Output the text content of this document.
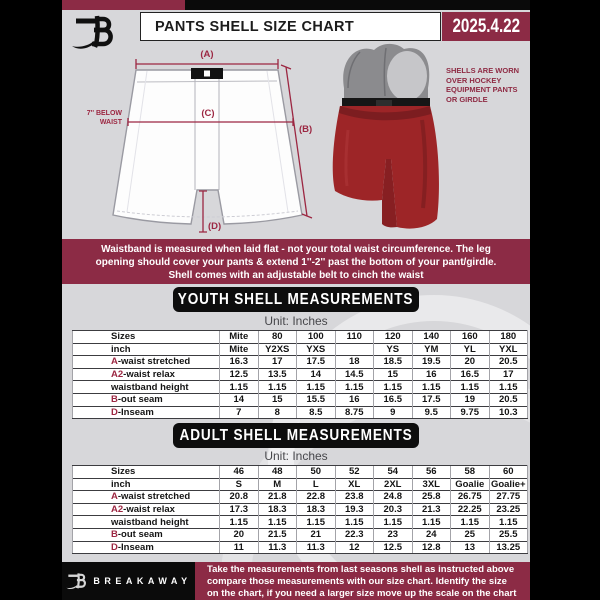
PANTS SHELL SIZE CHART	2025.4.22
(A)
(C)
(B)
(D)
7'' BELOW
WAIST
SHELLS ARE WORN
OVER HOCKEY
EQUIPMENT PANTS
OR GIRDLE
Waistband is measured when laid flat - not your total waist circumference. The leg
opening should cover your pants & extend 1''-2'' past the bottom of your pant/girdle.
Shell comes with an adjustable belt to cinch the waist
YOUTH SHELL MEASUREMENTS
Unit: Inches
Sizes	Mite	80	100	110	120	140	160	180
inch	Mite	Y2XS	YXS		YS	YM	YL	YXL
A-waist stretched	16.3	17	17.5	18	18.5	19.5	20	20.5
A2-waist relax	12.5	13.5	14	14.5	15	16	16.5	17
waistband height	1.15	1.15	1.15	1.15	1.15	1.15	1.15	1.15
B-out seam	14	15	15.5	16	16.5	17.5	19	20.5
D-Inseam	7	8	8.5	8.75	9	9.5	9.75	10.3
ADULT SHELL MEASUREMENTS
Unit: Inches
Sizes	46	48	50	52	54	56	58	60
inch	S	M	L	XL	2XL	3XL	Goalie	Goalie+
A-waist stretched	20.8	21.8	22.8	23.8	24.8	25.8	26.75	27.75
A2-waist relax	17.3	18.3	18.3	19.3	20.3	21.3	22.25	23.25
waistband height	1.15	1.15	1.15	1.15	1.15	1.15	1.15	1.15
B-out seam	20	21.5	21	22.3	23	24	25	25.5
D-Inseam	11	11.3	11.3	12	12.5	12.8	13	13.25
BREAKAWAY
Take the measurements from last seasons shell as instructed above
compare those measurements with our size chart. Identify the size
on the chart, if you need a larger size move up the scale on the chart
